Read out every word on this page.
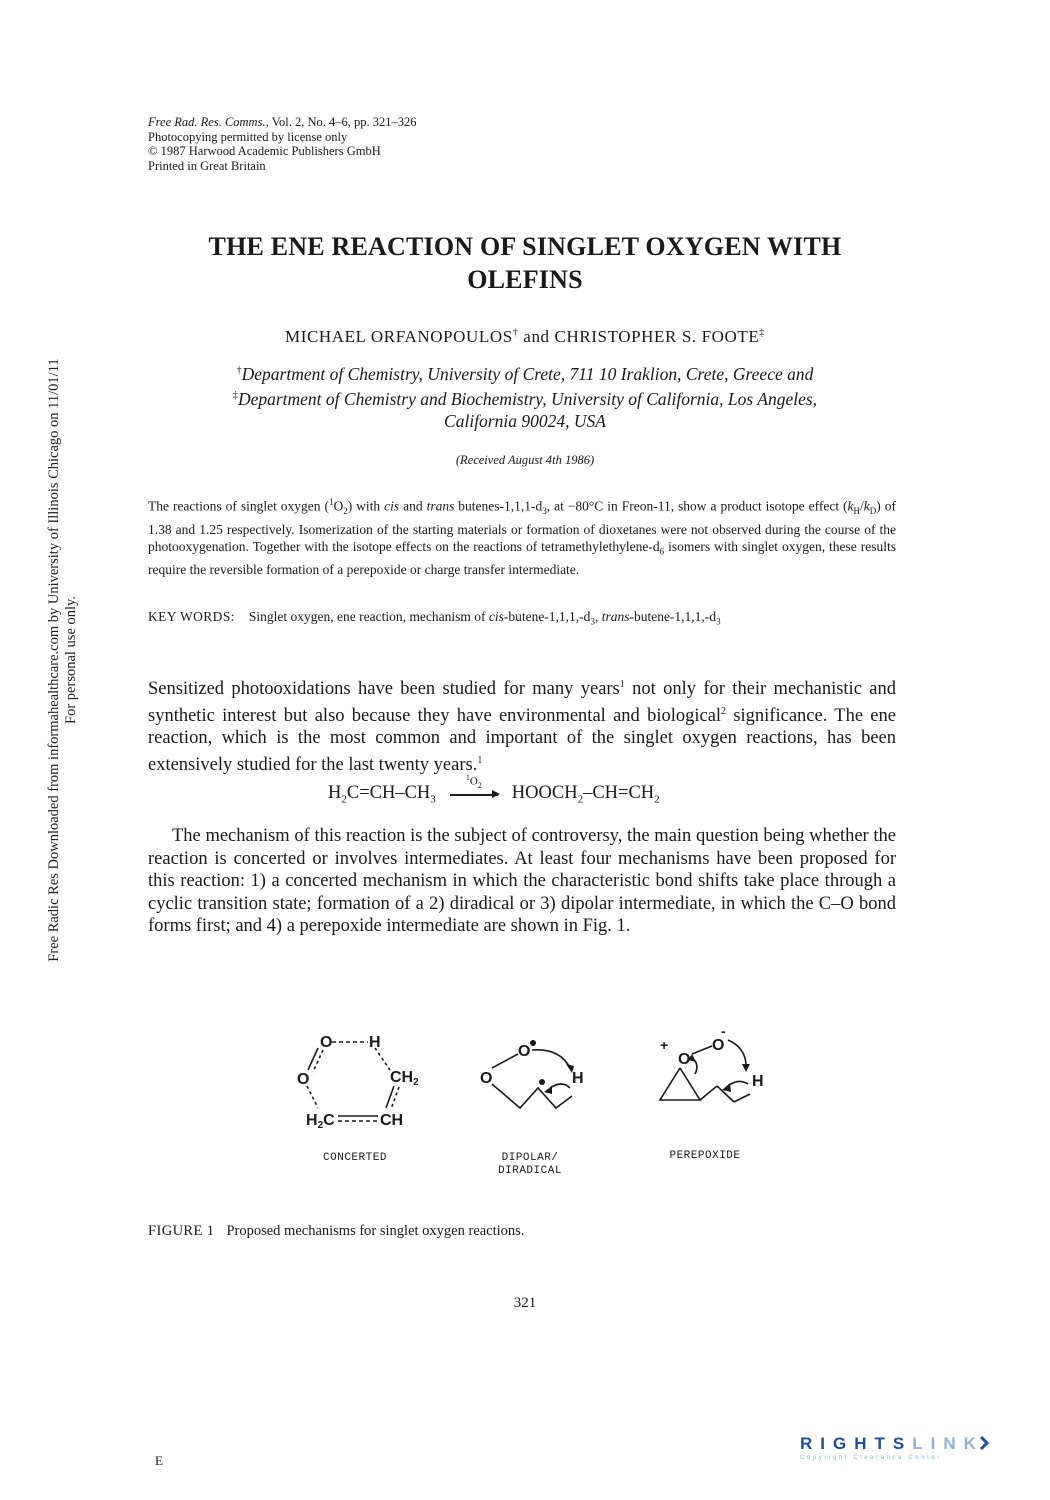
Free Radic Res Downloaded from informahealthcare.com by University of Illinois Chicago on 11/01/11 For personal use only.
Free Rad. Res. Comms., Vol. 2, No. 4–6, pp. 321–326
Photocopying permitted by license only
© 1987 Harwood Academic Publishers GmbH
Printed in Great Britain
THE ENE REACTION OF SINGLET OXYGEN WITH
OLEFINS
MICHAEL ORFANOPOULOS† and CHRISTOPHER S. FOOTE‡
†Department of Chemistry, University of Crete, 711 10 Iraklion, Crete, Greece and
‡Department of Chemistry and Biochemistry, University of California, Los Angeles,
California 90024, USA
(Received August 4th 1986)
The reactions of singlet oxygen $(^1O_2)$ with cis and trans butenes-$1,1,1-d_3$, at −80°C in Freon-11, show a product isotope effect $(k_H/k_D)$ of 1.38 and 1.25 respectively. Isomerization of the starting materials or formation of dioxetanes were not observed during the course of the photooxygenation. Together with the isotope effects on the reactions of tetramethylethylene-$d_6$ isomers with singlet oxygen, these results require the reversible formation of a perepoxide or charge transfer intermediate.
KEY WORDS: Singlet oxygen, ene reaction, mechanism of cis-$butene-1,1,1,-d_3$, trans-$butene-1,1,1,-d_3$
Sensitized photooxidations have been studied for many years$^1$ not only for their mechanistic and synthetic interest but also because they have environmental and biological$^2$ significance. The ene reaction, which is the most common and important of the singlet oxygen reactions, has been extensively studied for the last twenty years.$^1$
$H_2C=CH-CH_3$
$^1O_2$	$HOOCH_2-CH=CH_2$
The mechanism of this reaction is the subject of controversy, the main question being whether the reaction is concerted or involves intermediates. At least four mechanisms have been proposed for this reaction: 1) a concerted mechanism in which the characteristic bond shifts take place through a cyclic transition state; formation of a 2) diradical or 3) dipolar intermediate, in which the C–O bond forms first; and 4) a perepoxide intermediate are shown in Fig. 1.
O H
O	CH2
H2C	CH
O
O
H
+
O
O
-
H
CONCERTED	DIPOLAR/
DIRADICAL
PEREPOXIDE
FIGURE 1 Proposed mechanisms for singlet oxygen reactions.
321
E
RIGHTSLINK
Copyright Clearance Center
